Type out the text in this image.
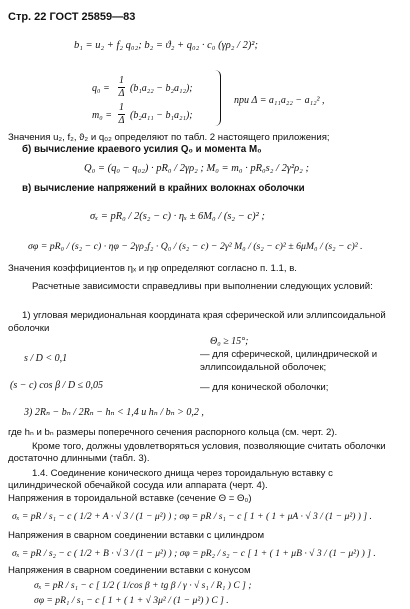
Стр. 22 ГОСТ 25859—83
b₁ = u₂ + f₂ q₀₂; b₂ = ϑ₂ + q₀₂ · c₀ (γρ₂ / 2)²;
$q_0 = \frac{1}{\Delta} (b_1a_{22} - b_2a_{12})$;
$m_0 = \frac{1}{\Delta} (b_2a_{11} - b_1a_{21})$;
при Δ = a₁₁a₂₂ − a₁₂² ,
Значения u₂, f₂, ϑ₂ и q₀₂ определяют по табл. 2 настоящего приложения;
б) вычисление краевого усилия Q₀ и момента M₀
Q₀ = (q₀ − q₀₂) · pR₀ / 2γρ₂ ; M₀ = m₀ · pR₀s₂ / 2γ²ρ₂ ;
в) вычисление напряжений в крайних волокнах оболочки
σₓ = pR₀ / 2(s₂ − c) · ηₓ ± 6M₀ / (s₂ − c)² ;
σφ = pR₀ / (s₂ − c) · ηφ − 2γρ₂f₂ · Q₀ / (s₂ − c) − 2γ² M₀ / (s₂ − c)² ± 6μM₀ / (s₂ − c)² .
Значения коэффициентов ηₓ и ηφ определяют согласно п. 1.1, в.
Расчетные зависимости справедливы при выполнении следующих условий:
1) угловая меридиональная координата края сферической или эллипсоидальной оболочки
Θ₀ ≥ 15°;
s / D < 0,1	— для сферической, цилиндрической и эллипсоидальной оболочек;
(s − c) cos β / D ≤ 0,05	— для конической оболочки;
3) 2Rₙ − bₙ / 2Rₙ − hₙ < 1,4 и hₙ / bₙ > 0,2 ,
где hₙ и bₙ размеры поперечного сечения распорного кольца (см. черт. 2).
Кроме того, должны удовлетворяться условия, позволяющие считать оболочки достаточно длинными (табл. 3).
1.4. Соединение конического днища через тороидальную вставку с цилиндрической обечайкой сосуда или аппарата (черт. 4).
Напряжения в тороидальной вставке (сечение Θ = Θ₀)
σₓ = pR / s₁ − c ( 1/2 + A · √ 3 / (1 − μ²) ) ; σφ = pR / s₁ − c [ 1 + ( 1 + μA · √ 3 / (1 − μ²) ) ] .
Напряжения в сварном соединении вставки с цилиндром
σₓ = pR / s₂ − c ( 1/2 + B · √ 3 / (1 − μ²) ) ; σφ = pR₂ / s₂ − c [ 1 + ( 1 + μB · √ 3 / (1 − μ²) ) ] .
Напряжения в сварном соединении вставки с конусом
σₓ = pR / s₁ − c [ 1/2 ( 1/cos β + tg β / γ · √ s₁ / R₁ ) C ] ;
σφ = pR₁ / s₁ − c [ 1 + ( 1 + √ 3μ² / (1 − μ²) ) C ] .
